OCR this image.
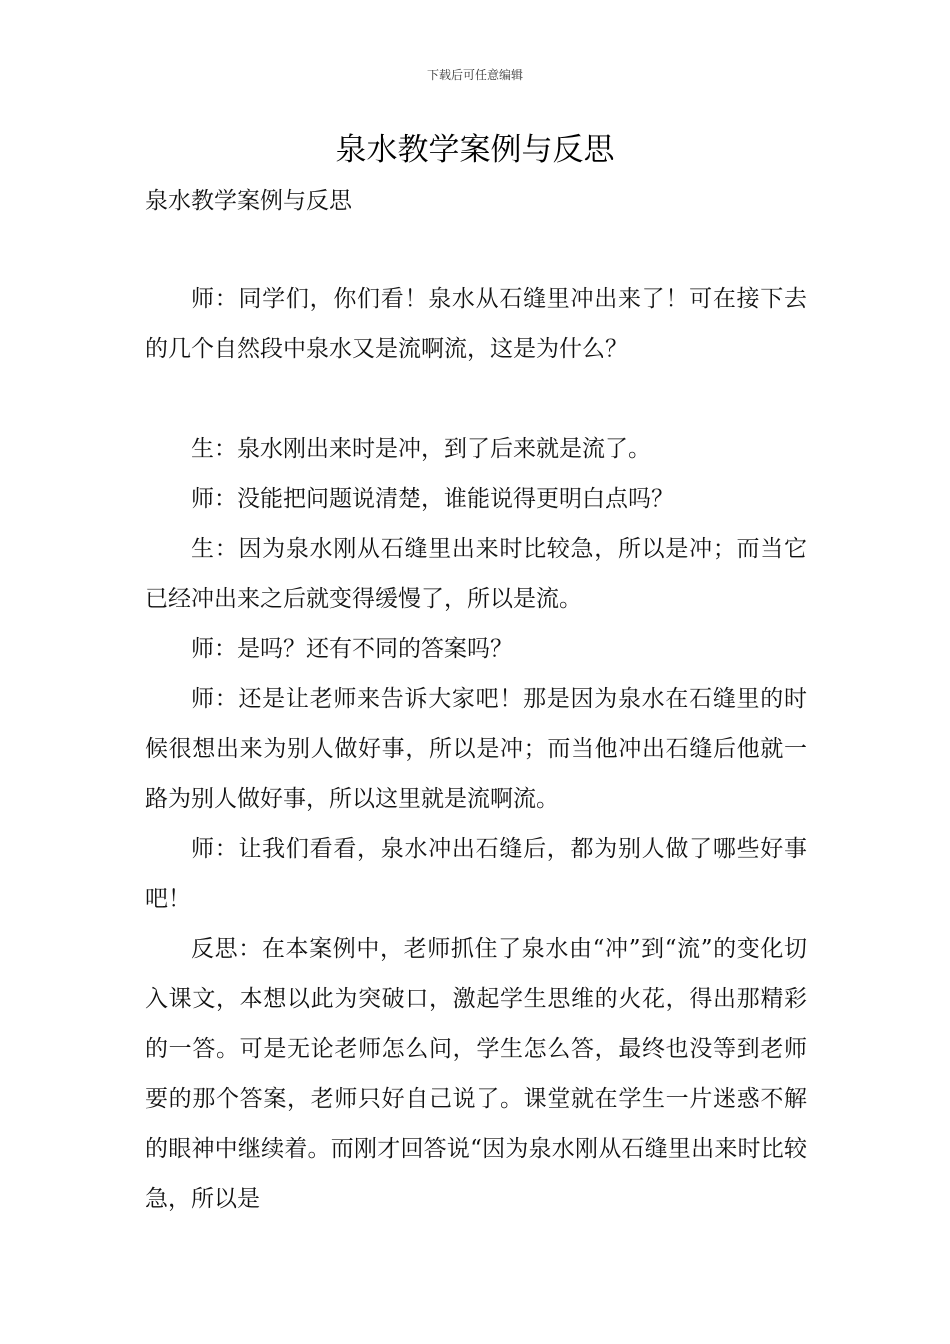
下载后可任意编辑
泉水教学案例与反思
泉水教学案例与反思
师：同学们，你们看！泉水从石缝里冲出来了！可在接下去的几个自然段中泉水又是流啊流，这是为什么？
生：泉水刚出来时是冲，到了后来就是流了。
师：没能把问题说清楚，谁能说得更明白点吗？
生：因为泉水刚从石缝里出来时比较急，所以是冲；而当它已经冲出来之后就变得缓慢了，所以是流。
师：是吗？还有不同的答案吗？
师：还是让老师来告诉大家吧！那是因为泉水在石缝里的时候很想出来为别人做好事，所以是冲；而当他冲出石缝后他就一路为别人做好事，所以这里就是流啊流。
师：让我们看看，泉水冲出石缝后，都为别人做了哪些好事吧！
反思：在本案例中，老师抓住了泉水由“冲”到“流”的变化切入课文，本想以此为突破口，激起学生思维的火花，得出那精彩的一答。可是无论老师怎么问，学生怎么答，最终也没等到老师要的那个答案，老师只好自己说了。课堂就在学生一片迷惑不解的眼神中继续着。而刚才回答说“因为泉水刚从石缝里出来时比较急，所以是
